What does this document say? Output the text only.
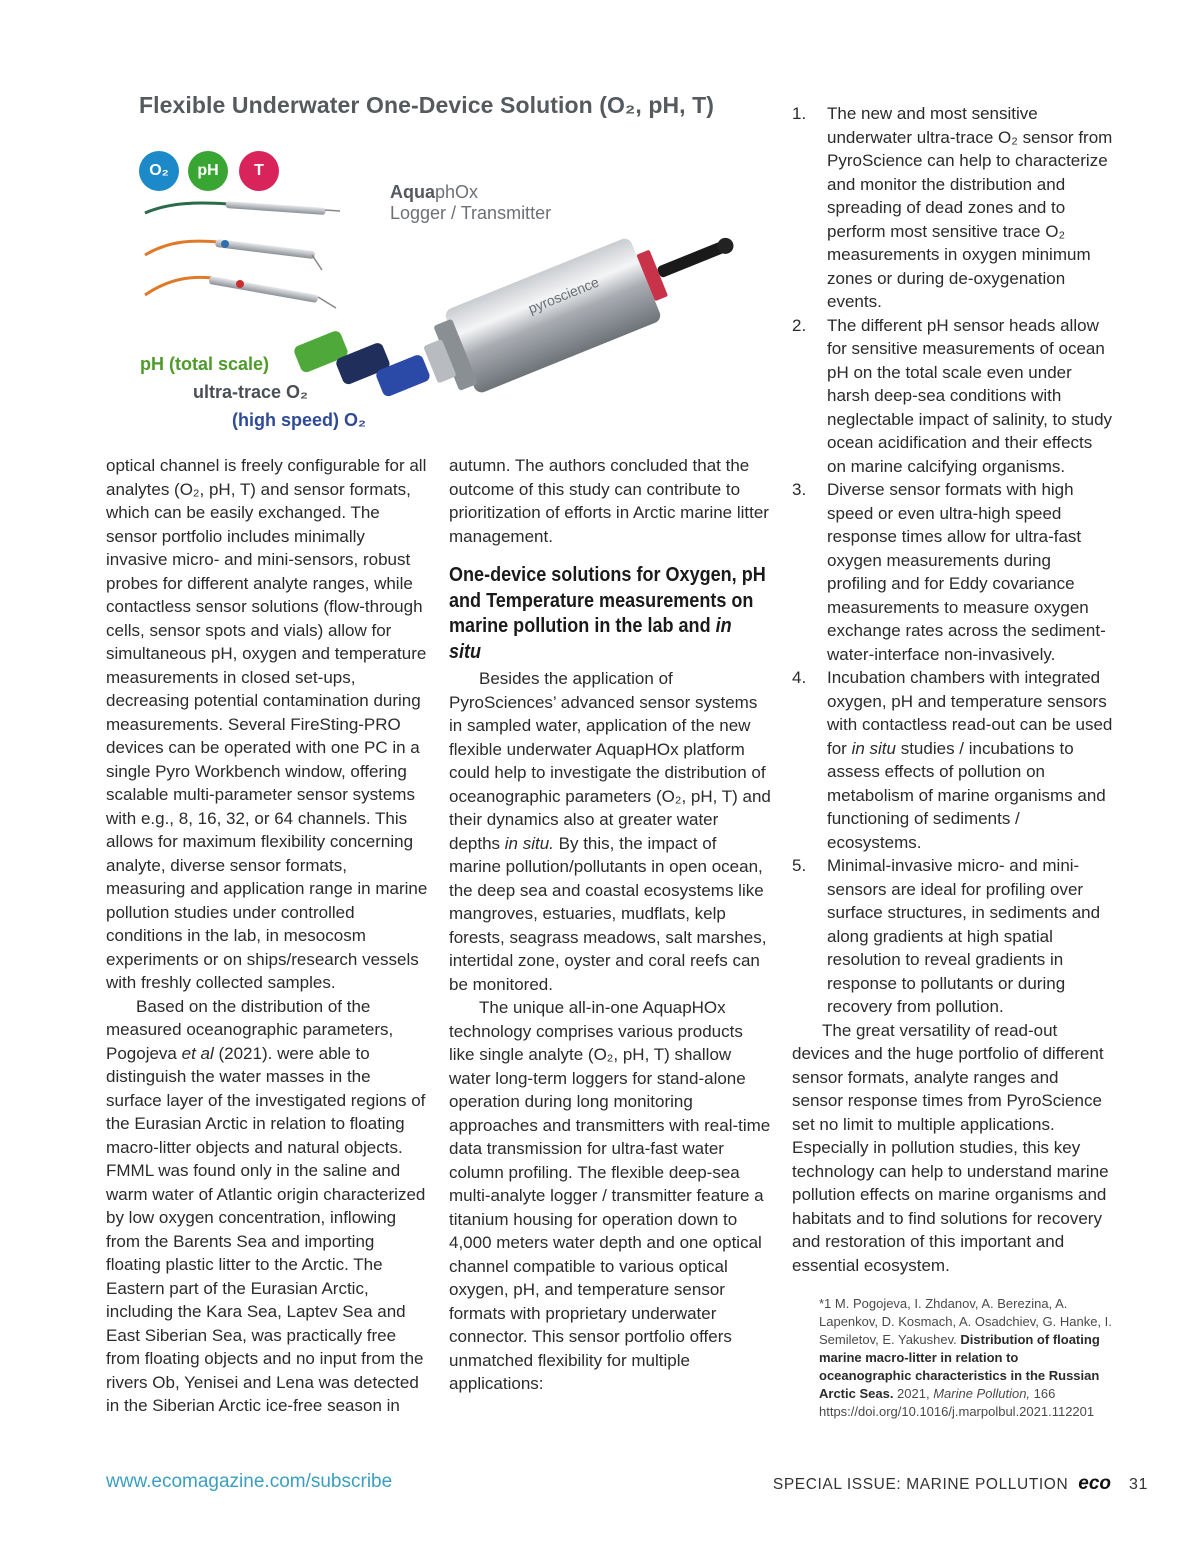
pyroscience
Flexible Underwater One-Device Solution (O₂, pH, T)
O₂	pH	T
AquaphOx
Logger / Transmitter
pH (total scale)
ultra-trace O₂
(high speed) O₂

optical channel is freely configurable for all analytes (O₂, pH, T) and sensor formats, which can be easily exchanged. The sensor portfolio includes minimally invasive micro- and mini-sensors, robust probes for different analyte ranges, while contactless sensor solutions (flow-through cells, sensor spots and vials) allow for simultaneous pH, oxygen and temperature measurements in closed set-ups, decreasing potential contamination during measurements. Several FireSting-PRO devices can be operated with one PC in a single Pyro Workbench window, offering scalable multi-parameter sensor systems with e.g., 8, 16, 32, or 64 channels. This allows for maximum flexibility concerning analyte, diverse sensor formats, measuring and application range in marine pollution studies under controlled conditions in the lab, in mesocosm experiments or on ships/research vessels with freshly collected samples.

Based on the distribution of the measured oceanographic parameters, Pogojeva et al (2021). were able to distinguish the water masses in the surface layer of the investigated regions of the Eurasian Arctic in relation to floating macro-litter objects and natural objects. FMML was found only in the saline and warm water of Atlantic origin characterized by low oxygen concentration, inflowing from the Barents Sea and importing floating plastic litter to the Arctic. The Eastern part of the Eurasian Arctic, including the Kara Sea, Laptev Sea and East Siberian Sea, was practically free from floating objects and no input from the rivers Ob, Yenisei and Lena was detected in the Siberian Arctic ice-free season in

autumn. The authors concluded that the outcome of this study can contribute to prioritization of efforts in Arctic marine litter management.

One-device solutions for Oxygen, pH and Temperature measurements on marine pollution in the lab and in situ

Besides the application of PyroSciences’ advanced sensor systems in sampled water, application of the new flexible underwater AquapHOx platform could help to investigate the distribution of oceanographic parameters (O₂, pH, T) and their dynamics also at greater water depths in situ. By this, the impact of marine pollution/pollutants in open ocean, the deep sea and coastal ecosystems like mangroves, estuaries, mudflats, kelp forests, seagrass meadows, salt marshes, intertidal zone, oyster and coral reefs can be monitored.

The unique all-in-one AquapHOx technology comprises various products like single analyte (O₂, pH, T) shallow water long-term loggers for stand-alone operation during long monitoring approaches and transmitters with real-time data transmission for ultra-fast water column profiling. The flexible deep-sea multi-analyte logger / transmitter feature a titanium housing for operation down to 4,000 meters water depth and one optical channel compatible to various optical oxygen, pH, and temperature sensor formats with proprietary underwater connector. This sensor portfolio offers unmatched flexibility for multiple applications:

1. The new and most sensitive underwater ultra-trace O₂ sensor from PyroScience can help to characterize and monitor the distribution and spreading of dead zones and to perform most sensitive trace O₂ measurements in oxygen minimum zones or during de-oxygenation events.
2. The different pH sensor heads allow for sensitive measurements of ocean pH on the total scale even under harsh deep-sea conditions with neglectable impact of salinity, to study ocean acidification and their effects on marine calcifying organisms.
3. Diverse sensor formats with high speed or even ultra-high speed response times allow for ultra-fast oxygen measurements during profiling and for Eddy covariance measurements to measure oxygen exchange rates across the sediment-water-interface non-invasively.
4. Incubation chambers with integrated oxygen, pH and temperature sensors with contactless read-out can be used for in situ studies / incubations to assess effects of pollution on metabolism of marine organisms and functioning of sediments / ecosystems.
5. Minimal-invasive micro- and mini-sensors are ideal for profiling over surface structures, in sediments and along gradients at high spatial resolution to reveal gradients in response to pollutants or during recovery from pollution.

The great versatility of read-out devices and the huge portfolio of different sensor formats, analyte ranges and sensor response times from PyroScience set no limit to multiple applications. Especially in pollution studies, this key technology can help to understand marine pollution effects on marine organisms and habitats and to find solutions for recovery and restoration of this important and essential ecosystem.

*1 M. Pogojeva, I. Zhdanov, A. Berezina, A. Lapenkov, D. Kosmach, A. Osadchiev, G. Hanke, I. Semiletov, E. Yakushev. Distribution of floating marine macro-litter in relation to oceanographic characteristics in the Russian Arctic Seas. 2021, Marine Pollution, 166 https://doi.org/10.1016/j.marpolbul.2021.112201

www.ecomagazine.com/subscribe	SPECIAL ISSUE: MARINE POLLUTION eco 31
